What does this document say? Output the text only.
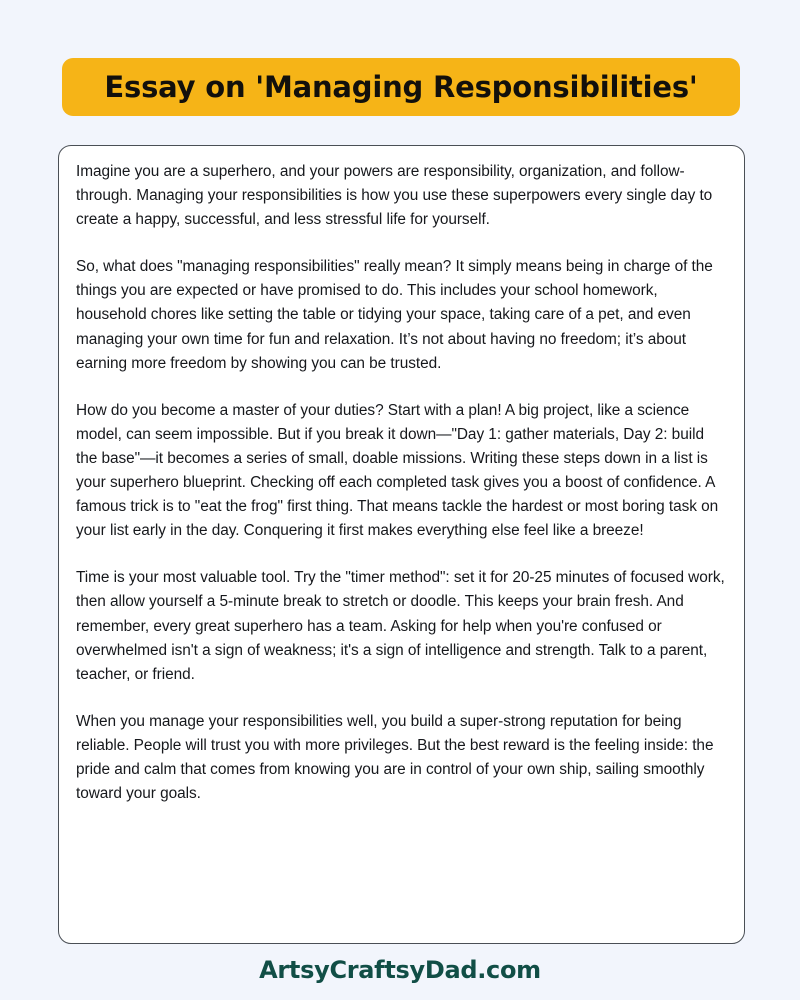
Essay on 'Managing Responsibilities'

Imagine you are a superhero, and your powers are responsibility, organization, and follow-through. Managing your responsibilities is how you use these superpowers every single day to create a happy, successful, and less stressful life for yourself.

So, what does "managing responsibilities" really mean? It simply means being in charge of the things you are expected or have promised to do. This includes your school homework, household chores like setting the table or tidying your space, taking care of a pet, and even managing your own time for fun and relaxation. It’s not about having no freedom; it’s about earning more freedom by showing you can be trusted.

How do you become a master of your duties? Start with a plan! A big project, like a science model, can seem impossible. But if you break it down—"Day 1: gather materials, Day 2: build the base"—it becomes a series of small, doable missions. Writing these steps down in a list is your superhero blueprint. Checking off each completed task gives you a boost of confidence. A famous trick is to "eat the frog" first thing. That means tackle the hardest or most boring task on your list early in the day. Conquering it first makes everything else feel like a breeze!

Time is your most valuable tool. Try the "timer method": set it for 20-25 minutes of focused work, then allow yourself a 5-minute break to stretch or doodle. This keeps your brain fresh. And remember, every great superhero has a team. Asking for help when you're confused or overwhelmed isn't a sign of weakness; it's a sign of intelligence and strength. Talk to a parent, teacher, or friend.

When you manage your responsibilities well, you build a super-strong reputation for being reliable. People will trust you with more privileges. But the best reward is the feeling inside: the pride and calm that comes from knowing you are in control of your own ship, sailing smoothly toward your goals.

ArtsyCraftsyDad.com
